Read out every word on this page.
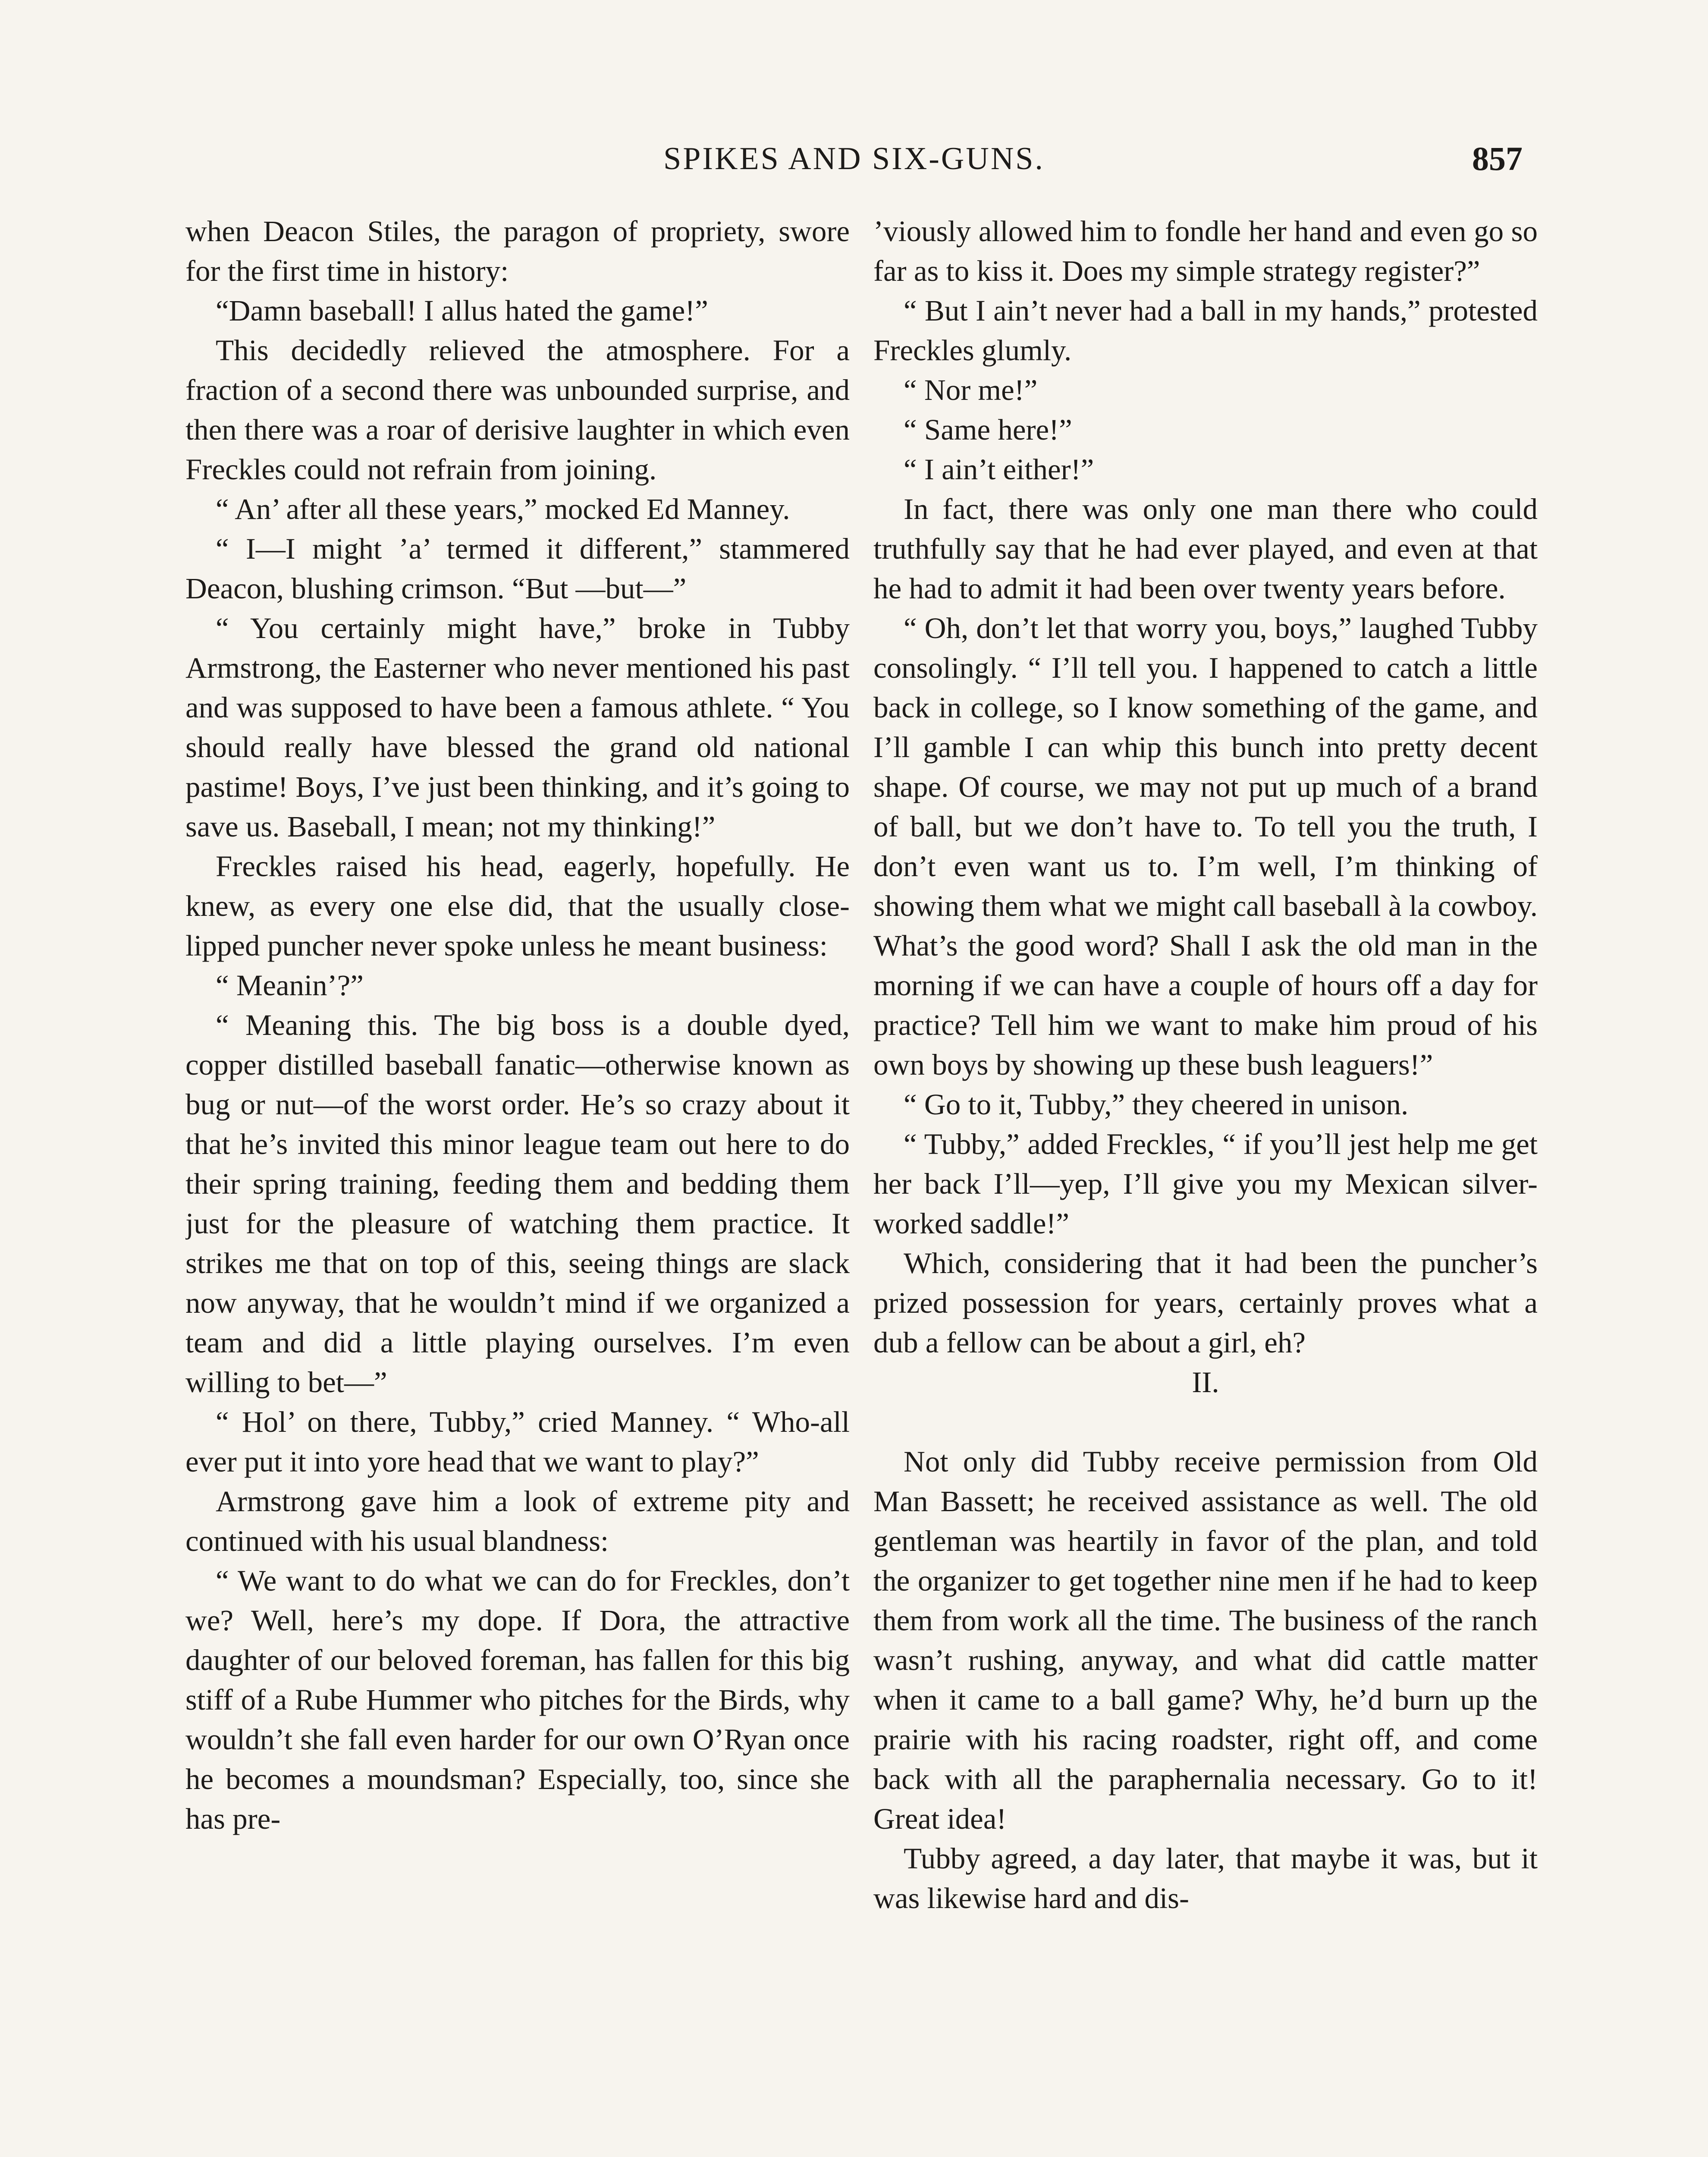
SPIKES AND SIX-GUNS.	857

when Deacon Stiles, the paragon of propriety, swore for the first time in history:

“Damn baseball! I allus hated the game!”

This decidedly relieved the atmosphere. For a fraction of a second there was unbounded surprise, and then there was a roar of derisive laughter in which even Freckles could not refrain from joining.

“ An’ after all these years,” mocked Ed Manney.

“ I—I might ’a’ termed it different,” stammered Deacon, blushing crimson. “But —but—”

“ You certainly might have,” broke in Tubby Armstrong, the Easterner who never mentioned his past and was supposed to have been a famous athlete. “ You should really have blessed the grand old national pastime! Boys, I’ve just been thinking, and it’s going to save us. Baseball, I mean; not my thinking!”

Freckles raised his head, eagerly, hopefully. He knew, as every one else did, that the usually close-lipped puncher never spoke unless he meant business:

“ Meanin’?”

“ Meaning this. The big boss is a double dyed, copper distilled baseball fanatic—otherwise known as bug or nut—of the worst order. He’s so crazy about it that he’s invited this minor league team out here to do their spring training, feeding them and bedding them just for the pleasure of watching them practice. It strikes me that on top of this, seeing things are slack now anyway, that he wouldn’t mind if we organized a team and did a little playing ourselves. I’m even willing to bet—”

“ Hol’ on there, Tubby,” cried Manney. “ Who-all ever put it into yore head that we want to play?”

Armstrong gave him a look of extreme pity and continued with his usual blandness:

“ We want to do what we can do for Freckles, don’t we? Well, here’s my dope. If Dora, the attractive daughter of our beloved foreman, has fallen for this big stiff of a Rube Hummer who pitches for the Birds, why wouldn’t she fall even harder for our own O’Ryan once he becomes a moundsman? Especially, too, since she has pre-

’viously allowed him to fondle her hand and even go so far as to kiss it. Does my simple strategy register?”

“ But I ain’t never had a ball in my hands,” protested Freckles glumly.

“ Nor me!”

“ Same here!”

“ I ain’t either!”

In fact, there was only one man there who could truthfully say that he had ever played, and even at that he had to admit it had been over twenty years before.

“ Oh, don’t let that worry you, boys,” laughed Tubby consolingly. “ I’ll tell you. I happened to catch a little back in college, so I know something of the game, and I’ll gamble I can whip this bunch into pretty decent shape. Of course, we may not put up much of a brand of ball, but we don’t have to. To tell you the truth, I don’t even want us to. I’m well, I’m thinking of showing them what we might call baseball à la cowboy. What’s the good word? Shall I ask the old man in the morning if we can have a couple of hours off a day for practice? Tell him we want to make him proud of his own boys by showing up these bush leaguers!”

“ Go to it, Tubby,” they cheered in unison.

“ Tubby,” added Freckles, “ if you’ll jest help me get her back I’ll—yep, I’ll give you my Mexican silver-worked saddle!”

Which, considering that it had been the puncher’s prized possession for years, certainly proves what a dub a fellow can be about a girl, eh?

II.

Not only did Tubby receive permission from Old Man Bassett; he received assistance as well. The old gentleman was heartily in favor of the plan, and told the organizer to get together nine men if he had to keep them from work all the time. The business of the ranch wasn’t rushing, anyway, and what did cattle matter when it came to a ball game? Why, he’d burn up the prairie with his racing roadster, right off, and come back with all the paraphernalia necessary. Go to it! Great idea!

Tubby agreed, a day later, that maybe it was, but it was likewise hard and dis-
